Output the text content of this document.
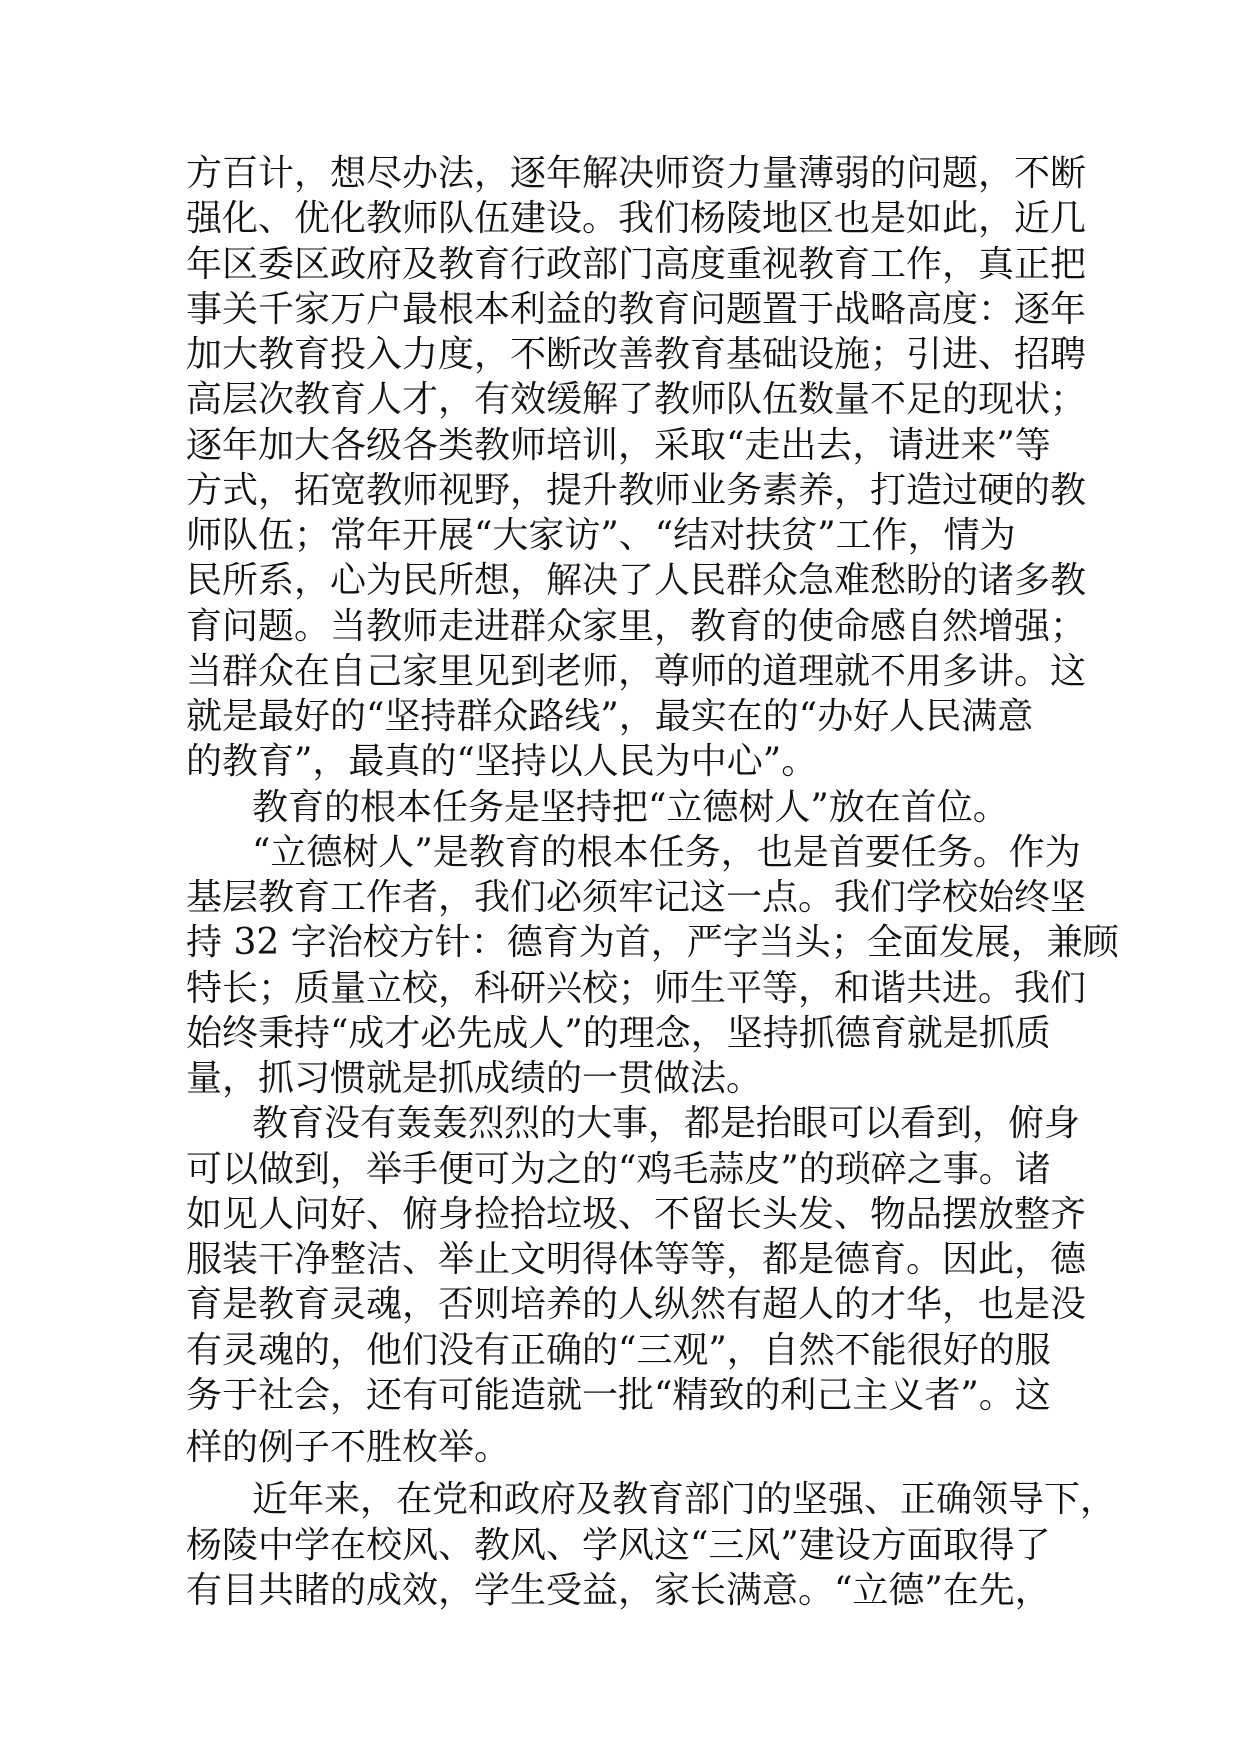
方百计，想尽办法，逐年解决师资力量薄弱的问题，不断
强化、优化教师队伍建设。我们杨陵地区也是如此，近几
年区委区政府及教育行政部门高度重视教育工作，真正把
事关千家万户最根本利益的教育问题置于战略高度：逐年
加大教育投入力度，不断改善教育基础设施；引进、招聘
高层次教育人才，有效缓解了教师队伍数量不足的现状；
逐年加大各级各类教师培训，采取“走出去，请进来”等
方式，拓宽教师视野，提升教师业务素养，打造过硬的教
师队伍；常年开展“大家访”、“结对扶贫”工作，情为
民所系，心为民所想，解决了人民群众急难愁盼的诸多教
育问题。当教师走进群众家里，教育的使命感自然增强；
当群众在自己家里见到老师，尊师的道理就不用多讲。这
就是最好的“坚持群众路线”，最实在的“办好人民满意
的教育”，最真的“坚持以人民为中心”。
教育的根本任务是坚持把“立德树人”放在首位。
“立德树人”是教育的根本任务，也是首要任务。作为
基层教育工作者，我们必须牢记这一点。我们学校始终坚
持 32 字治校方针：德育为首，严字当头；全面发展，兼顾
特长；质量立校，科研兴校；师生平等，和谐共进。我们
始终秉持“成才必先成人”的理念，坚持抓德育就是抓质
量，抓习惯就是抓成绩的一贯做法。
教育没有轰轰烈烈的大事，都是抬眼可以看到，俯身
可以做到，举手便可为之的“鸡毛蒜皮”的琐碎之事。诸
如见人问好、俯身捡拾垃圾、不留长头发、物品摆放整齐
服装干净整洁、举止文明得体等等，都是德育。因此，德
育是教育灵魂，否则培养的人纵然有超人的才华，也是没
有灵魂的，他们没有正确的“三观”，自然不能很好的服
务于社会，还有可能造就一批“精致的利己主义者”。这
样的例子不胜枚举。
近年来，在党和政府及教育部门的坚强、正确领导下，
杨陵中学在校风、教风、学风这“三风”建设方面取得了
有目共睹的成效，学生受益，家长满意。“立德”在先，
